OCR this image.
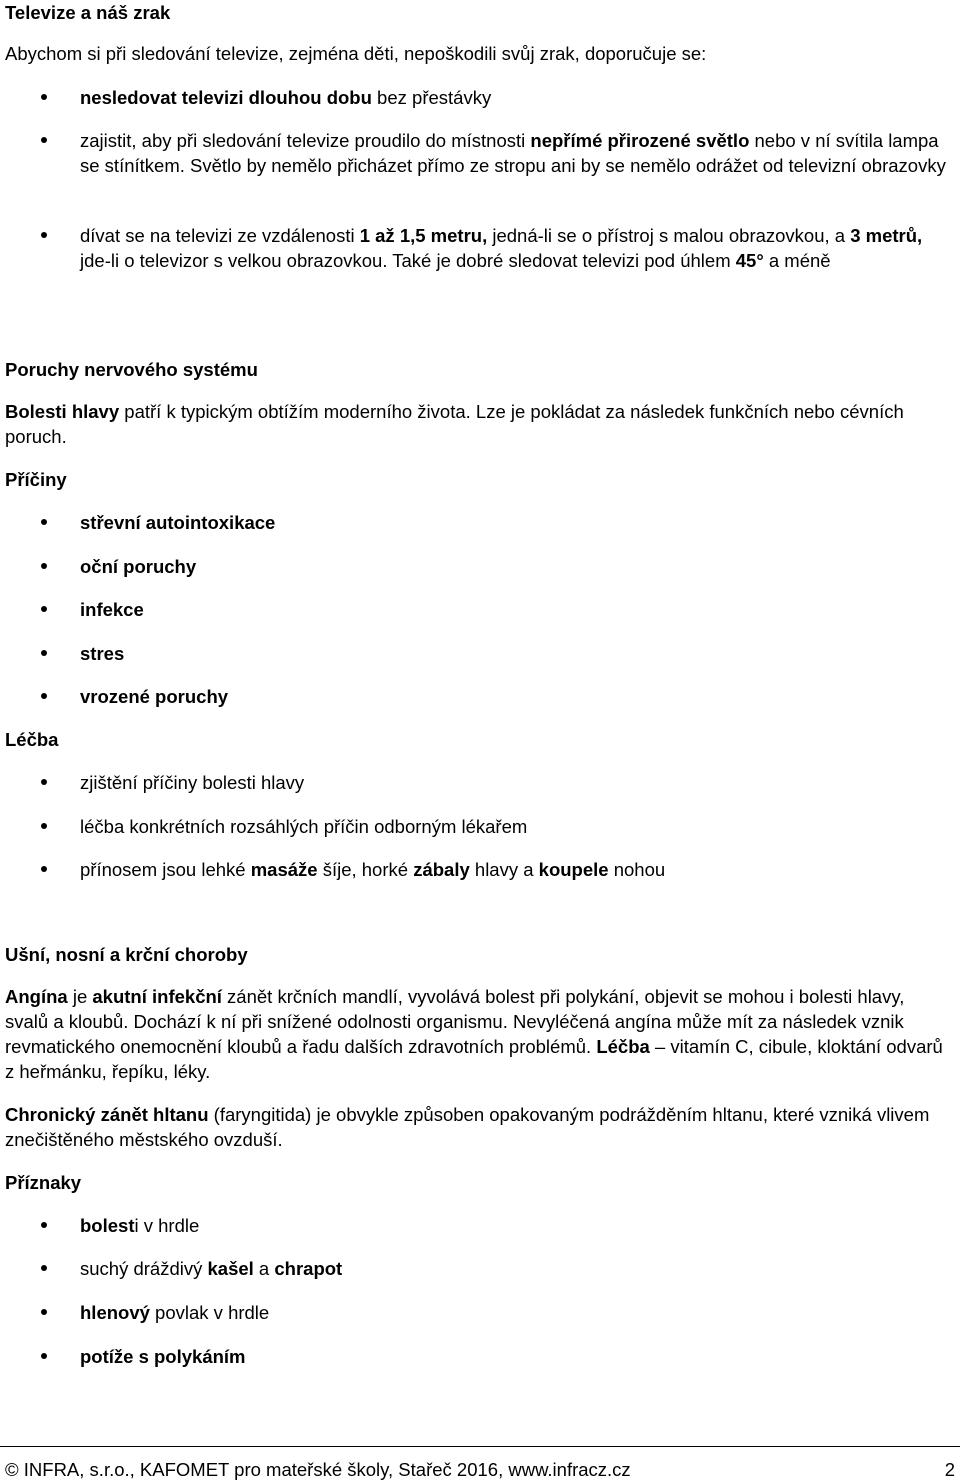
Televize a náš zrak

Abychom si při sledování televize, zejména děti, nepoškodili svůj zrak, doporučuje se:

nesledovat televizi dlouhou dobu bez přestávky
zajistit, aby při sledování televize proudilo do místnosti nepřímé přirozené světlo nebo v ní svítila lampa se stínítkem. Světlo by nemělo přicházet přímo ze stropu ani by se nemělo odrážet od televizní obrazovky
dívat se na televizi ze vzdálenosti 1 až 1,5 metru, jedná-li se o přístroj s malou obrazovkou, a 3 metrů, jde-li o televizor s velkou obrazovkou. Také je dobré sledovat televizi pod úhlem 45° a méně

Poruchy nervového systému

Bolesti hlavy patří k typickým obtížím moderního života. Lze je pokládat za následek funkčních nebo cévních poruch.

Příčiny

střevní autointoxikace
oční poruchy
infekce
stres
vrozené poruchy

Léčba

zjištění příčiny bolesti hlavy
léčba konkrétních rozsáhlých příčin odborným lékařem
přínosem jsou lehké masáže šíje, horké zábaly hlavy a koupele nohou

Ušní, nosní a krční choroby

Angína je akutní infekční zánět krčních mandlí, vyvolává bolest při polykání, objevit se mohou i bolesti hlavy, svalů a kloubů. Dochází k ní při snížené odolnosti organismu. Nevyléčená angína může mít za následek vznik revmatického onemocnění kloubů a řadu dalších zdravotních problémů. Léčba – vitamín C, cibule, kloktání odvarů z heřmánku, řepíku, léky.

Chronický zánět hltanu (faryngitida) je obvykle způsoben opakovaným podrážděním hltanu, které vzniká vlivem znečištěného městského ovzduší.

Příznaky

bolesti v hrdle
suchý dráždivý kašel a chrapot
hlenový povlak v hrdle
potíže s polykáním
© INFRA, s.r.o., KAFOMET pro mateřské školy, Stařeč 2016, www.infracz.cz	2
